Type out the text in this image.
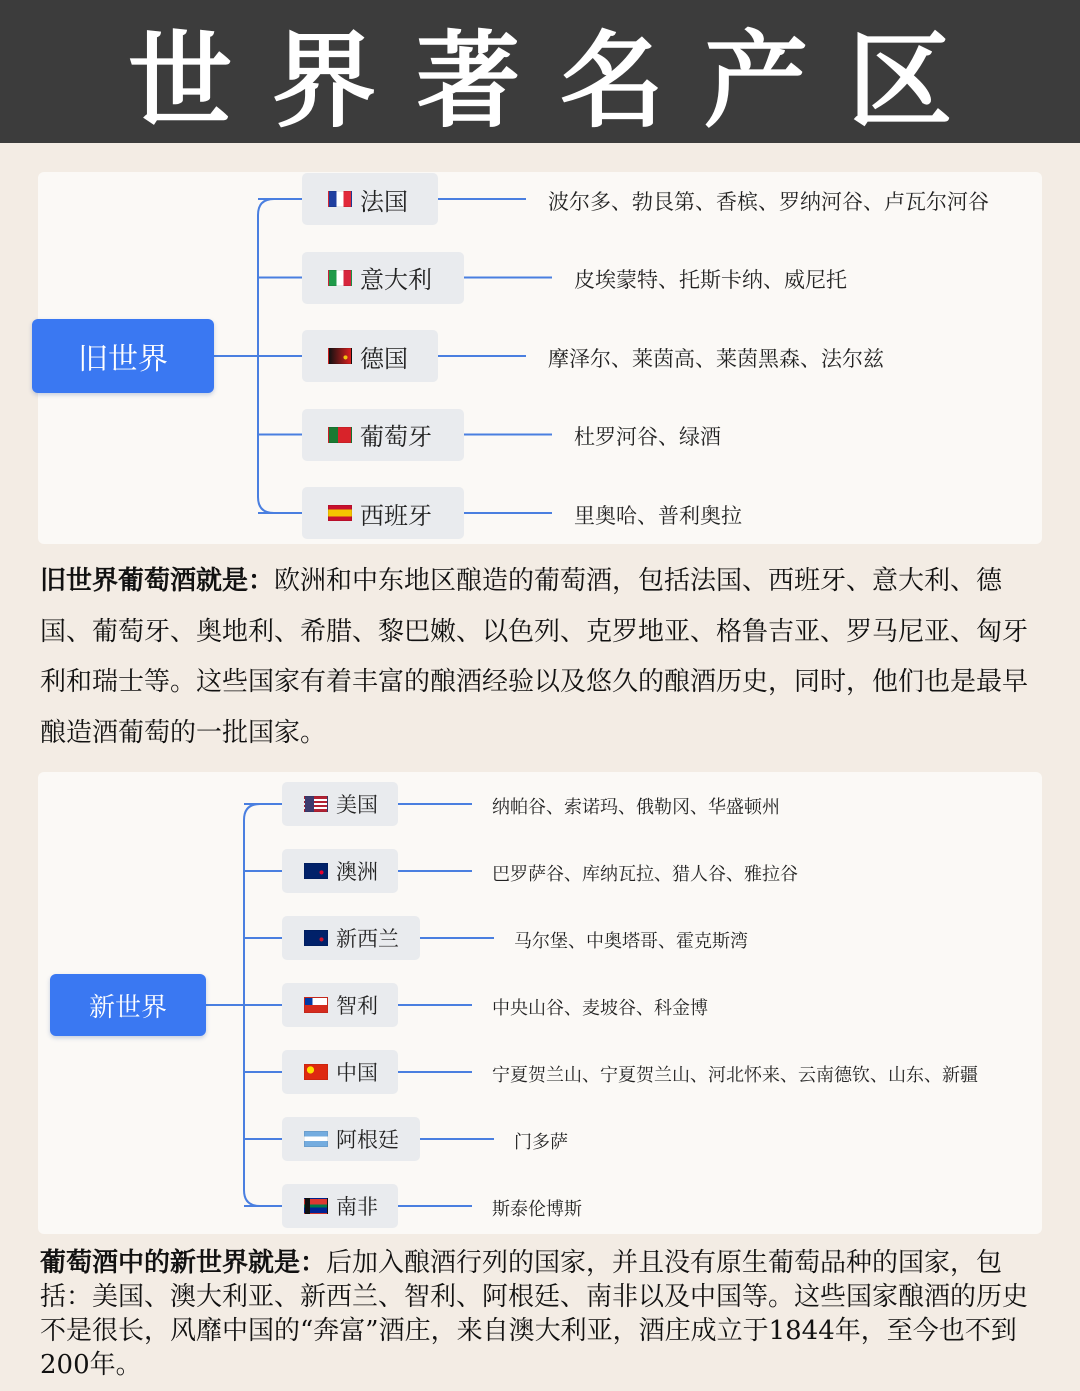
世界著名产区
旧世界
新世界
法国	波尔多、勃艮第、香槟、罗纳河谷、卢瓦尔河谷
意大利	皮埃蒙特、托斯卡纳、威尼托
德国	摩泽尔、莱茵高、莱茵黑森、法尔兹
葡萄牙	杜罗河谷、绿酒
西班牙	里奥哈、普利奥拉
美国	纳帕谷、索诺玛、俄勒冈、华盛顿州
澳洲	巴罗萨谷、库纳瓦拉、猎人谷、雅拉谷
新西兰	马尔堡、中奥塔哥、霍克斯湾
智利	中央山谷、麦坡谷、科金博
中国	宁夏贺兰山、宁夏贺兰山、河北怀来、云南德钦、山东、新疆
阿根廷	门多萨
南非	斯泰伦博斯
旧世界葡萄酒就是：欧洲和中东地区酿造的葡萄酒，包括法国、西班牙、意大利、德国、葡萄牙、奥地利、希腊、黎巴嫩、以色列、克罗地亚、格鲁吉亚、罗马尼亚、匈牙利和瑞士等。这些国家有着丰富的酿酒经验以及悠久的酿酒历史，同时，他们也是最早酿造酒葡萄的一批国家。
葡萄酒中的新世界就是：后加入酿酒行列的国家，并且没有原生葡萄品种的国家，包括：美国、澳大利亚、新西兰、智利、阿根廷、南非以及中国等。这些国家酿酒的历史不是很长，风靡中国的“奔富”酒庄，来自澳大利亚，酒庄成立于1844年，至今也不到200年。
